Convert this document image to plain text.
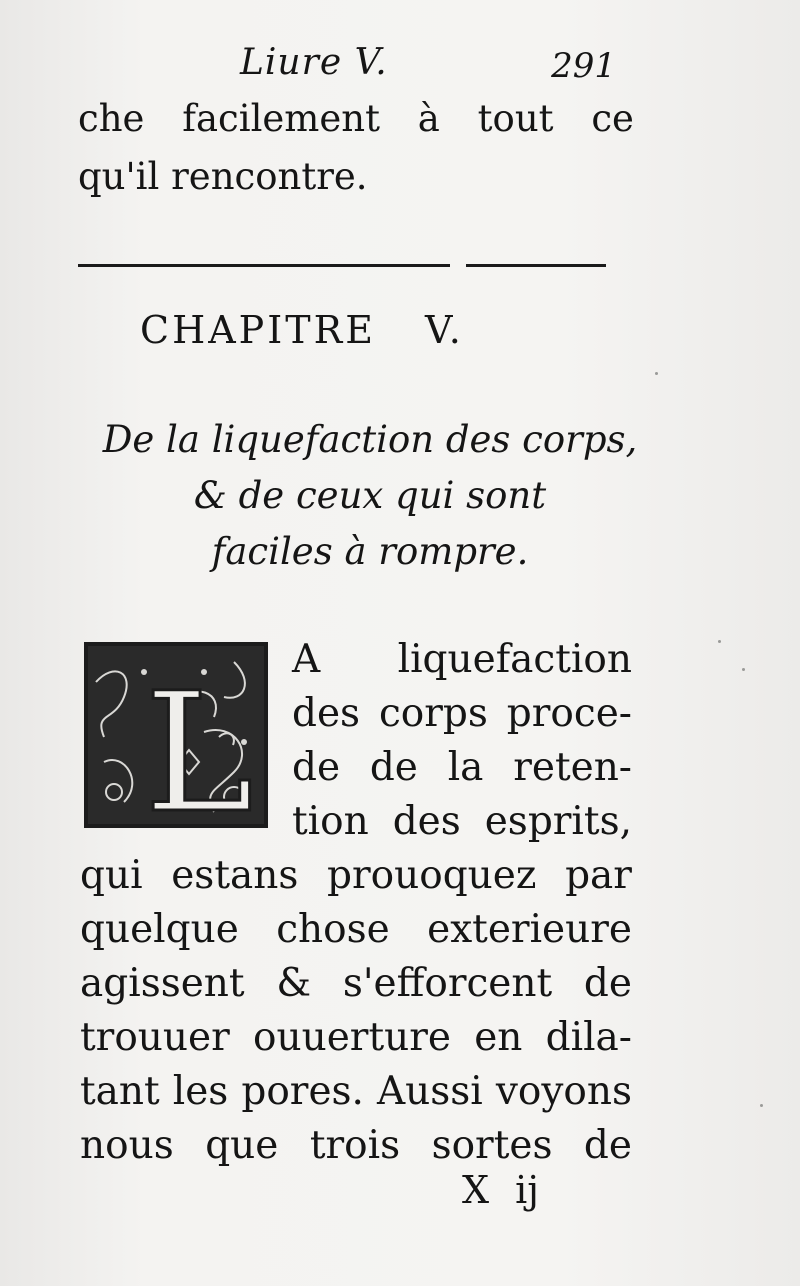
Liure V.	291
che facilement à tout ce
qu'il rencontre.
CHAPITRE V.
De la liquefaction des corps,
& de ceux qui sont
faciles à rompre.
L A liquefaction
des corps proce-
de de la reten-
tion des esprits,
qui estans prouoquez par
quelque chose exterieure
agissent & s'efforcent de
trouuer ouuerture en dila-
tant les pores. Aussi voyons
nous que trois sortes de
X ij
